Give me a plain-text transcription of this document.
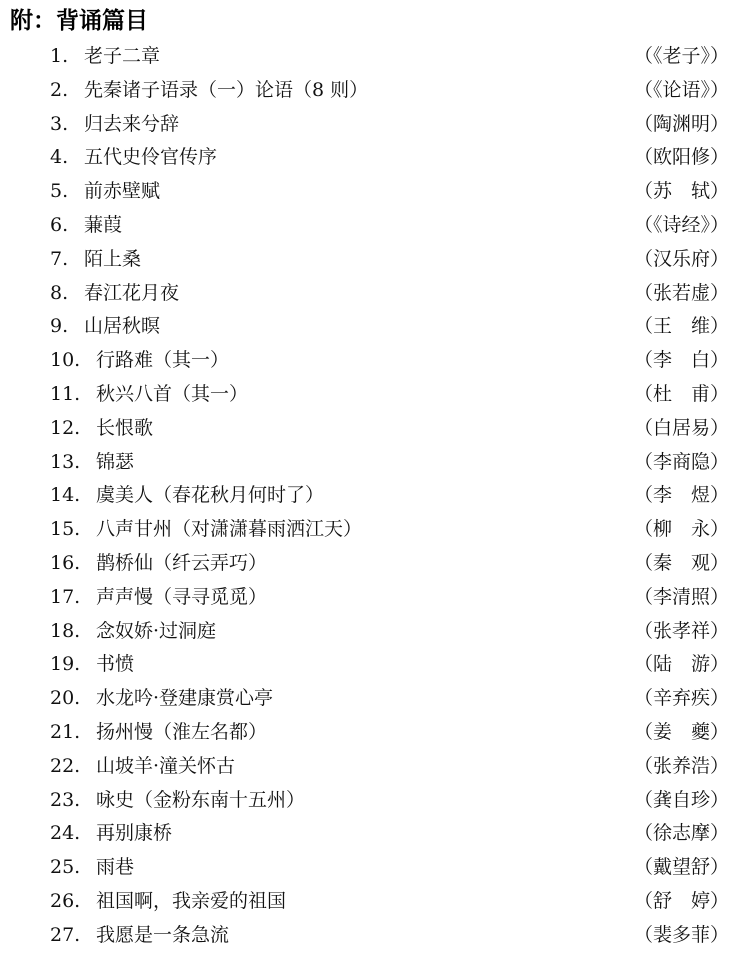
附：背诵篇目
1. 老子二章	（《老子》）
2. 先秦诸子语录（一）论语（8 则）	（《论语》）
3. 归去来兮辞	（陶渊明）
4. 五代史伶官传序	（欧阳修）
5. 前赤壁赋	（苏　轼）
6. 蒹葭	（《诗经》）
7. 陌上桑	（汉乐府）
8. 春江花月夜	（张若虚）
9. 山居秋暝	（王　维）
10. 行路难（其一）	（李　白）
11. 秋兴八首（其一）	（杜　甫）
12. 长恨歌	（白居易）
13. 锦瑟	（李商隐）
14. 虞美人（春花秋月何时了）	（李　煜）
15. 八声甘州（对潇潇暮雨洒江天）	（柳　永）
16. 鹊桥仙（纤云弄巧）	（秦　观）
17. 声声慢（寻寻觅觅）	（李清照）
18. 念奴娇·过洞庭	（张孝祥）
19. 书愤	（陆　游）
20. 水龙吟·登建康赏心亭	（辛弃疾）
21. 扬州慢（淮左名都）	（姜　夔）
22. 山坡羊·潼关怀古	（张养浩）
23. 咏史（金粉东南十五州）	（龚自珍）
24. 再别康桥	（徐志摩）
25. 雨巷	（戴望舒）
26. 祖国啊，我亲爱的祖国	（舒　婷）
27. 我愿是一条急流	（裴多菲）
